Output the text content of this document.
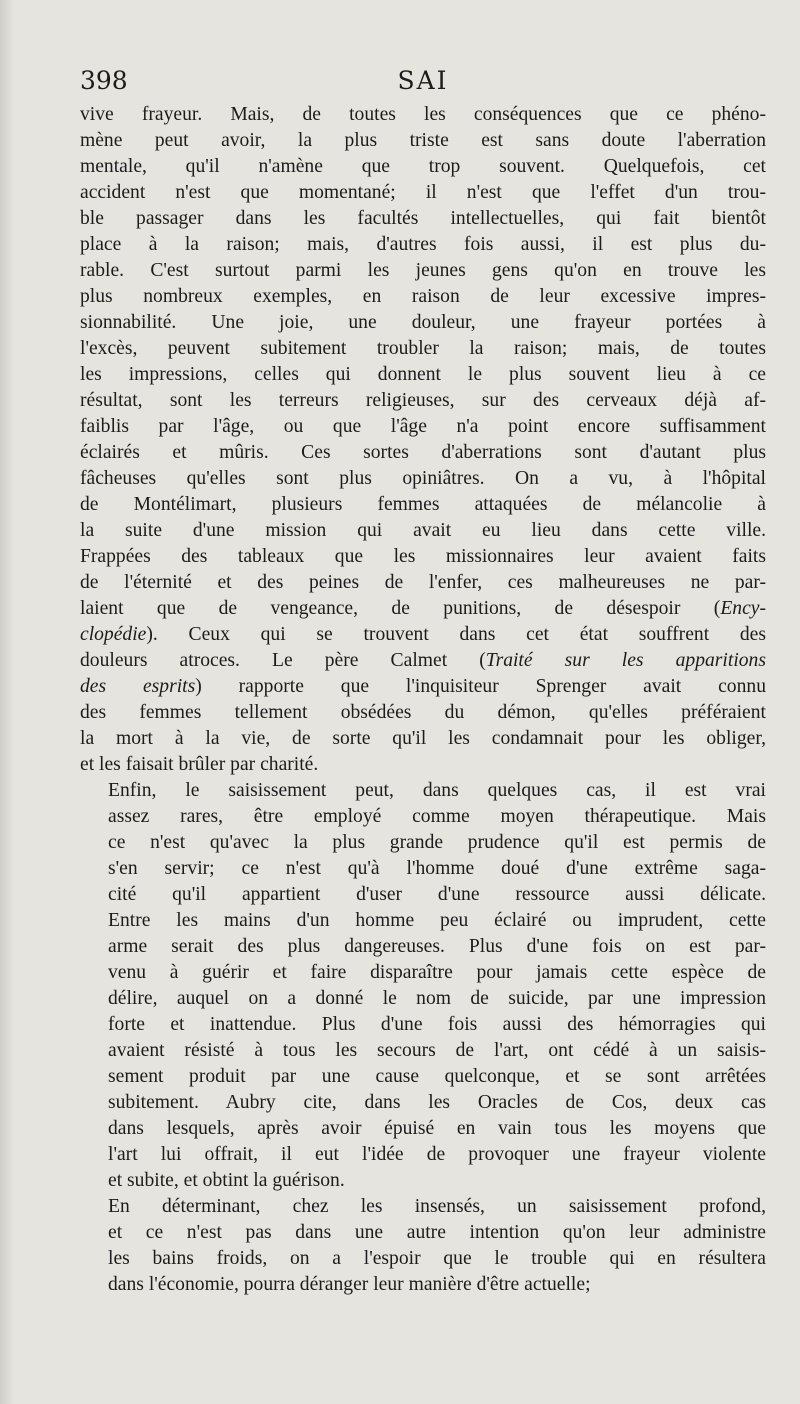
398	SAI

vive frayeur. Mais, de toutes les conséquences que ce phéno-
mène peut avoir, la plus triste est sans doute l'aberration
mentale, qu'il n'amène que trop souvent. Quelquefois, cet
accident n'est que momentané; il n'est que l'effet d'un trou-
ble passager dans les facultés intellectuelles, qui fait bientôt
place à la raison; mais, d'autres fois aussi, il est plus du-
rable. C'est surtout parmi les jeunes gens qu'on en trouve les
plus nombreux exemples, en raison de leur excessive impres-
sionnabilité. Une joie, une douleur, une frayeur portées à
l'excès, peuvent subitement troubler la raison; mais, de toutes
les impressions, celles qui donnent le plus souvent lieu à ce
résultat, sont les terreurs religieuses, sur des cerveaux déjà af-
faiblis par l'âge, ou que l'âge n'a point encore suffisamment
éclairés et mûris. Ces sortes d'aberrations sont d'autant plus
fâcheuses qu'elles sont plus opiniâtres. On a vu, à l'hôpital
de Montélimart, plusieurs femmes attaquées de mélancolie à
la suite d'une mission qui avait eu lieu dans cette ville.
Frappées des tableaux que les missionnaires leur avaient faits
de l'éternité et des peines de l'enfer, ces malheureuses ne par-
laient que de vengeance, de punitions, de désespoir (Ency-
clopédie). Ceux qui se trouvent dans cet état souffrent des
douleurs atroces. Le père Calmet (Traité sur les apparitions
des esprits) rapporte que l'inquisiteur Sprenger avait connu
des femmes tellement obsédées du démon, qu'elles préféraient
la mort à la vie, de sorte qu'il les condamnait pour les obliger,
et les faisait brûler par charité.

Enfin, le saisissement peut, dans quelques cas, il est vrai
assez rares, être employé comme moyen thérapeutique. Mais
ce n'est qu'avec la plus grande prudence qu'il est permis de
s'en servir; ce n'est qu'à l'homme doué d'une extrême saga-
cité qu'il appartient d'user d'une ressource aussi délicate.
Entre les mains d'un homme peu éclairé ou imprudent, cette
arme serait des plus dangereuses. Plus d'une fois on est par-
venu à guérir et faire disparaître pour jamais cette espèce de
délire, auquel on a donné le nom de suicide, par une impression
forte et inattendue. Plus d'une fois aussi des hémorragies qui
avaient résisté à tous les secours de l'art, ont cédé à un saisis-
sement produit par une cause quelconque, et se sont arrêtées
subitement. Aubry cite, dans les Oracles de Cos, deux cas
dans lesquels, après avoir épuisé en vain tous les moyens que
l'art lui offrait, il eut l'idée de provoquer une frayeur violente
et subite, et obtint la guérison.

En déterminant, chez les insensés, un saisissement profond,
et ce n'est pas dans une autre intention qu'on leur administre
les bains froids, on a l'espoir que le trouble qui en résultera
dans l'économie, pourra déranger leur manière d'être actuelle;
